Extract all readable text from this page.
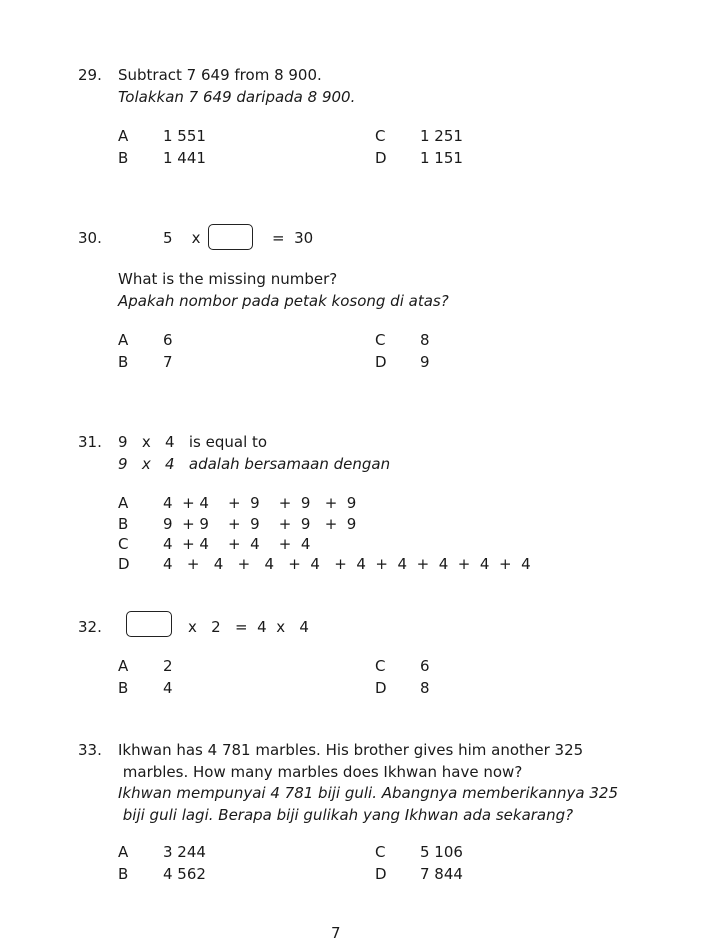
29. Subtract 7 649 from 8 900.
Tolakkan 7 649 daripada 8 900.
A 1 551
B 1 441
C 1 251
D 1 151
30.	5    x	=  30
What is the missing number?
Apakah nombor pada petak kosong di atas?
A 6
B 7
C 8
D 9
31. 9   x   4   is equal to
9   x   4   adalah bersamaan dengan
A 4  + 4    +  9    +  9   +  9
B 9  + 9    +  9    +  9   +  9
C 4  + 4    +  4    +  4
D 4   +   4   +   4   +  4   +  4  +  4  +  4  +  4  +  4
32.	x   2   =  4  x   4
A 2
B 4
C 6
D 8
33. Ikhwan has 4 781 marbles. His brother gives him another 325
marbles. How many marbles does Ikhwan have now?
Ikhwan mempunyai 4 781 biji guli. Abangnya memberikannya 325
biji guli lagi. Berapa biji gulikah yang Ikhwan ada sekarang?
A 3 244
B 4 562
C 5 106
D 7 844
7
